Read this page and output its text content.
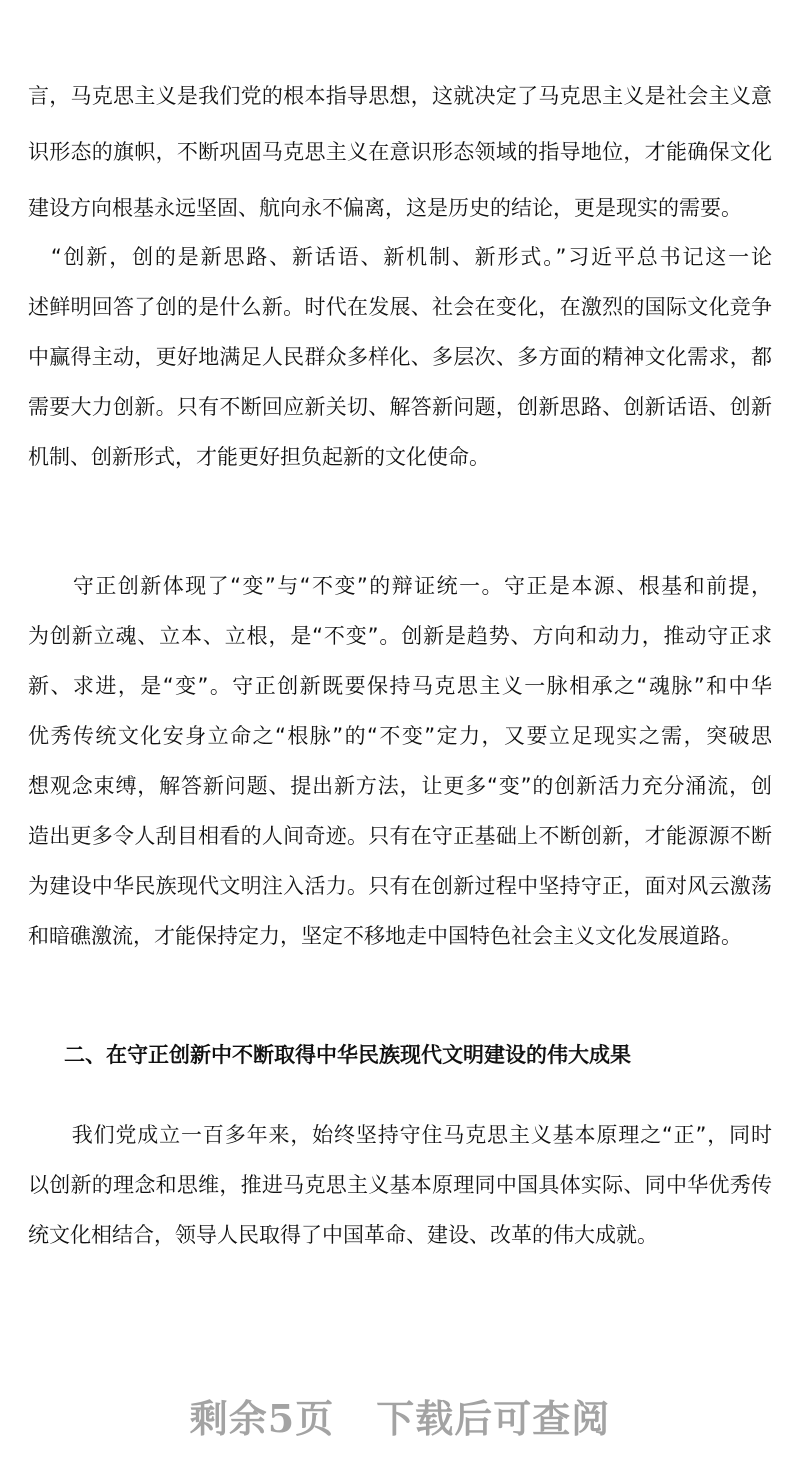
言，马克思主义是我们党的根本指导思想，这就决定了马克思主义是社会主义意
识形态的旗帜，不断巩固马克思主义在意识形态领域的指导地位，才能确保文化
建设方向根基永远坚固、航向永不偏离，这是历史的结论，更是现实的需要。
　“创新，创的是新思路、新话语、新机制、新形式。”习近平总书记这一论
述鲜明回答了创的是什么新。时代在发展、社会在变化，在激烈的国际文化竞争
中赢得主动，更好地满足人民群众多样化、多层次、多方面的精神文化需求，都
需要大力创新。只有不断回应新关切、解答新问题，创新思路、创新话语、创新
机制、创新形式，才能更好担负起新的文化使命。
　　守正创新体现了“变”与“不变”的辩证统一。守正是本源、根基和前提，
为创新立魂、立本、立根，是“不变”。创新是趋势、方向和动力，推动守正求
新、求进，是“变”。守正创新既要保持马克思主义一脉相承之“魂脉”和中华
优秀传统文化安身立命之“根脉”的“不变”定力，又要立足现实之需，突破思
想观念束缚，解答新问题、提出新方法，让更多“变”的创新活力充分涌流，创
造出更多令人刮目相看的人间奇迹。只有在守正基础上不断创新，才能源源不断
为建设中华民族现代文明注入活力。只有在创新过程中坚持守正，面对风云激荡
和暗礁激流，才能保持定力，坚定不移地走中国特色社会主义文化发展道路。
二、在守正创新中不断取得中华民族现代文明建设的伟大成果
　　我们党成立一百多年来，始终坚持守住马克思主义基本原理之“正”，同时
以创新的理念和思维，推进马克思主义基本原理同中国具体实际、同中华优秀传
统文化相结合，领导人民取得了中国革命、建设、改革的伟大成就。
剩余5页 下载后可查阅
